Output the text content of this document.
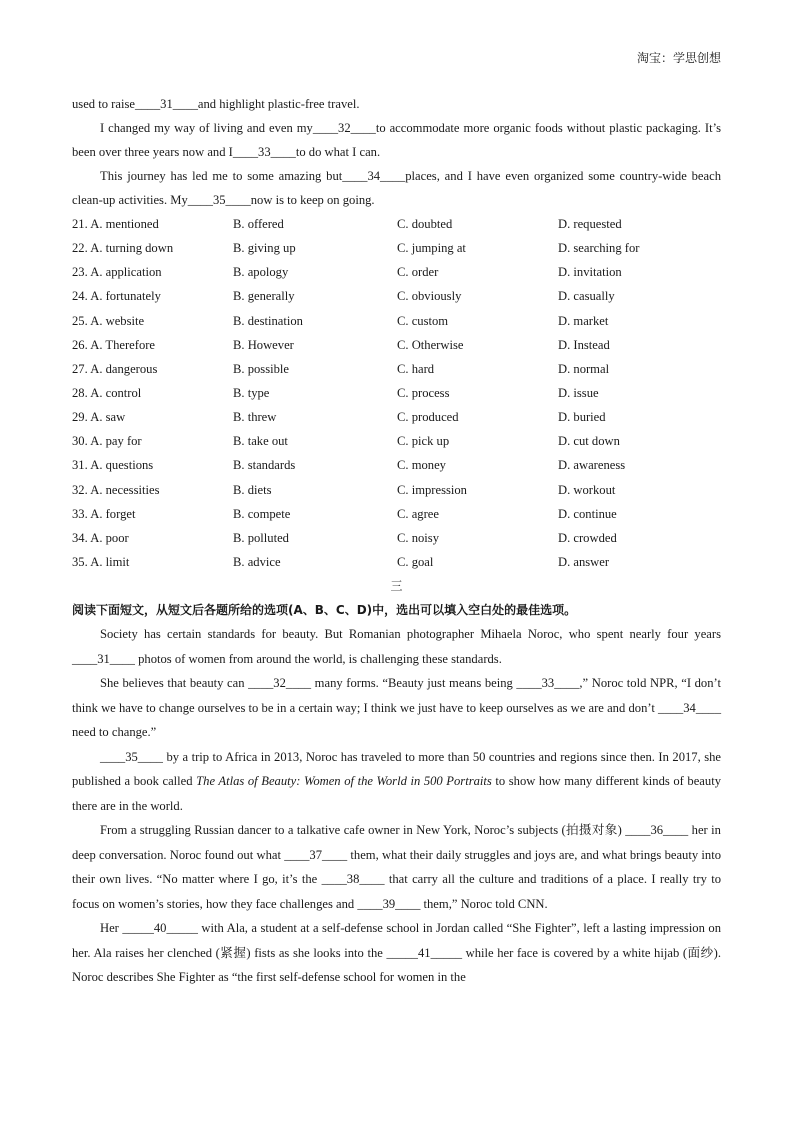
淘宝：学思创想

used to raise____31____and highlight plastic-free travel.

I changed my way of living and even my____32____to accommodate more organic foods without plastic packaging. It’s been over three years now and I____33____to do what I can.

This journey has led me to some amazing but____34____places, and I have even organized some country-wide beach clean-up activities. My____35____now is to keep on going.

21. A. mentioned	B. offered	C. doubted	D. requested
22. A. turning down	B. giving up	C. jumping at	D. searching for
23. A. application	B. apology	C. order	D. invitation
24. A. fortunately	B. generally	C. obviously	D. casually
25. A. website	B. destination	C. custom	D. market
26. A. Therefore	B. However	C. Otherwise	D. Instead
27. A. dangerous	B. possible	C. hard	D. normal
28. A. control	B. type	C. process	D. issue
29. A. saw	B. threw	C. produced	D. buried
30. A. pay for	B. take out	C. pick up	D. cut down
31. A. questions	B. standards	C. money	D. awareness
32. A. necessities	B. diets	C. impression	D. workout
33. A. forget	B. compete	C. agree	D. continue
34. A. poor	B. polluted	C. noisy	D. crowded
35. A. limit	B. advice	C. goal	D. answer
三

阅读下面短文，从短文后各题所给的选项(A、B、C、D)中，选出可以填入空白处的最佳选项。

Society has certain standards for beauty. But Romanian photographer Mihaela Noroc, who spent nearly four years ____31____ photos of women from around the world, is challenging these standards.

She believes that beauty can ____32____ many forms. “Beauty just means being ____33____,” Noroc told NPR, “I don’t think we have to change ourselves to be in a certain way; I think we just have to keep ourselves as we are and don’t ____34____ need to change.”

____35____ by a trip to Africa in 2013, Noroc has traveled to more than 50 countries and regions since then. In 2017, she published a book called The Atlas of Beauty: Women of the World in 500 Portraits to show how many different kinds of beauty there are in the world.

From a struggling Russian dancer to a talkative cafe owner in New York, Noroc’s subjects (拍摄对象) ____36____ her in deep conversation. Noroc found out what ____37____ them, what their daily struggles and joys are, and what brings beauty into their own lives. “No matter where I go, it’s the ____38____ that carry all the culture and traditions of a place. I really try to focus on women’s stories, how they face challenges and ____39____ them,” Noroc told CNN.

Her _____40_____ with Ala, a student at a self-defense school in Jordan called “She Fighter”, left a lasting impression on her. Ala raises her clenched (紧握) fists as she looks into the _____41_____ while her face is covered by a white hijab (面纱). Noroc describes She Fighter as “the first self-defense school for women in the
